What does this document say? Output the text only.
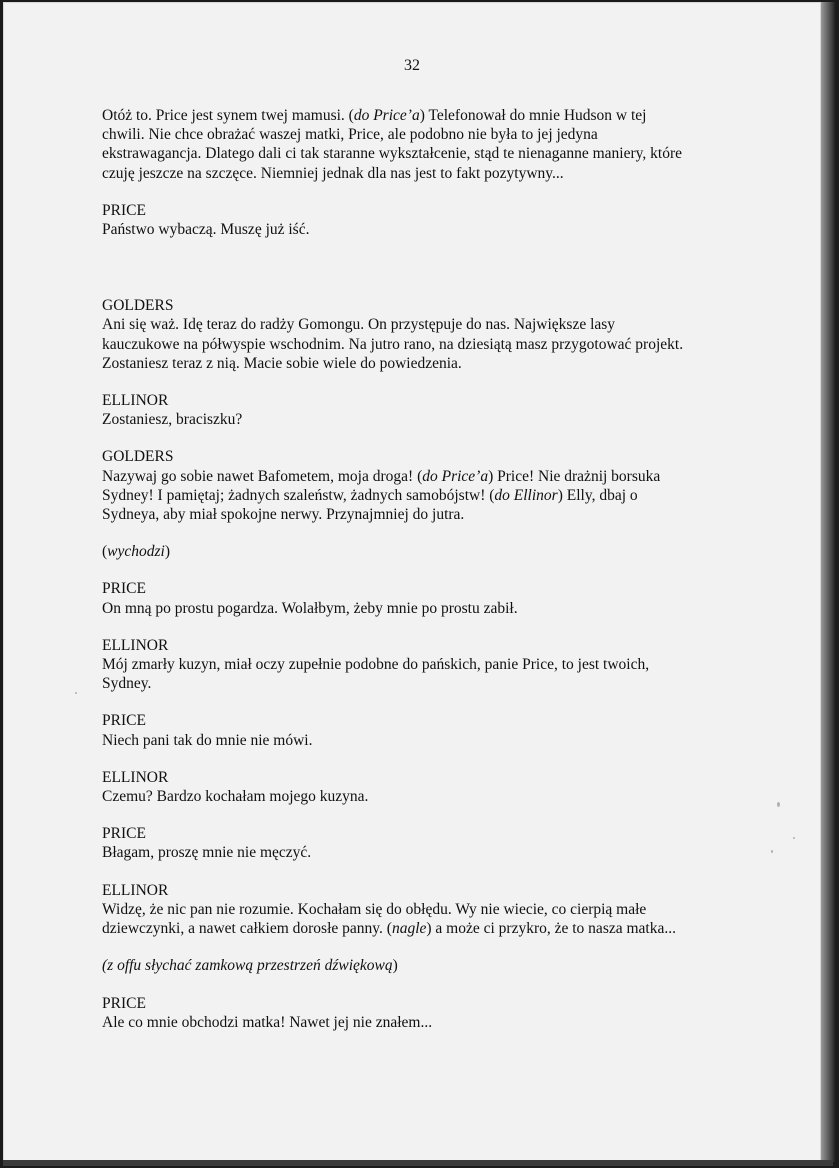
32
Otóż to. Price jest synem twej mamusi. (do Price’a) Telefonował do mnie Hudson w tej
chwili. Nie chce obrażać waszej matki, Price, ale podobno nie była to jej jedyna
ekstrawagancja. Dlatego dali ci tak staranne wykształcenie, stąd te nienaganne maniery, które
czuję jeszcze na szczęce. Niemniej jednak dla nas jest to fakt pozytywny...
PRICE
Państwo wybaczą. Muszę już iść.
GOLDERS
Ani się waż. Idę teraz do radży Gomongu. On przystępuje do nas. Największe lasy
kauczukowe na półwyspie wschodnim. Na jutro rano, na dziesiątą masz przygotować projekt.
Zostaniesz teraz z nią. Macie sobie wiele do powiedzenia.
ELLINOR
Zostaniesz, braciszku?
GOLDERS
Nazywaj go sobie nawet Bafometem, moja droga! (do Price’a) Price! Nie drażnij borsuka
Sydney! I pamiętaj; żadnych szaleństw, żadnych samobójstw! (do Ellinor) Elly, dbaj o
Sydneya, aby miał spokojne nerwy. Przynajmniej do jutra.
(wychodzi)
PRICE
On mną po prostu pogardza. Wolałbym, żeby mnie po prostu zabił.
ELLINOR
Mój zmarły kuzyn, miał oczy zupełnie podobne do pańskich, panie Price, to jest twoich,
Sydney.
PRICE
Niech pani tak do mnie nie mówi.
ELLINOR
Czemu? Bardzo kochałam mojego kuzyna.
PRICE
Błagam, proszę mnie nie męczyć.
ELLINOR
Widzę, że nic pan nie rozumie. Kochałam się do obłędu. Wy nie wiecie, co cierpią małe
dziewczynki, a nawet całkiem dorosłe panny. (nagle) a może ci przykro, że to nasza matka...
(z offu słychać zamkową przestrzeń dźwiękową)
PRICE
Ale co mnie obchodzi matka! Nawet jej nie znałem...
